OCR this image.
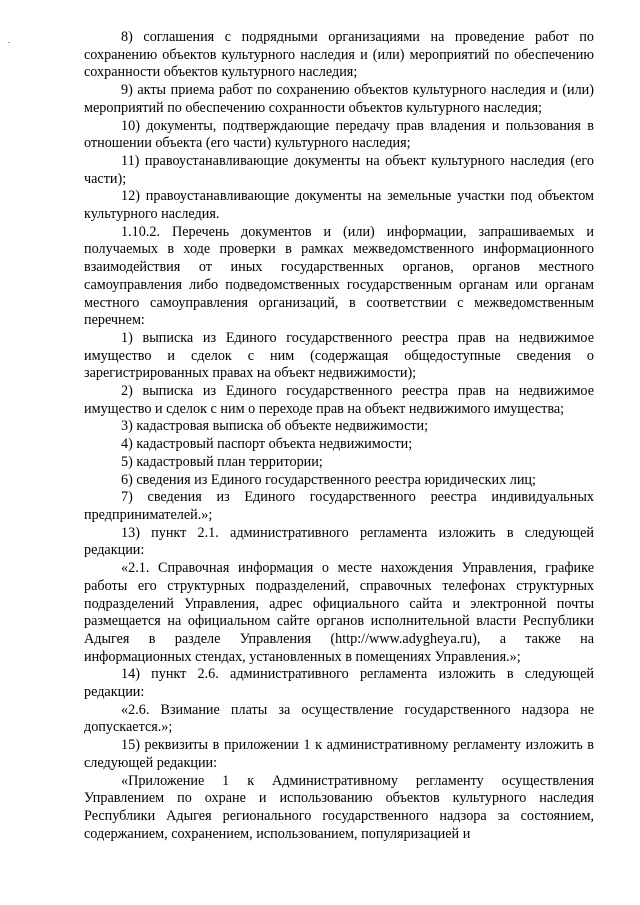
8) соглашения с подрядными организациями на проведение работ по сохранению объектов культурного наследия и (или) мероприятий по обеспечению сохранности объектов культурного наследия;

9) акты приема работ по сохранению объектов культурного наследия и (или) мероприятий по обеспечению сохранности объектов культурного наследия;

10) документы, подтверждающие передачу прав владения и пользования в отношении объекта (его части) культурного наследия;

11) правоустанавливающие документы на объект культурного наследия (его части);

12) правоустанавливающие документы на земельные участки под объектом культурного наследия.

1.10.2. Перечень документов и (или) информации, запрашиваемых и получаемых в ходе проверки в рамках межведомственного информационного взаимодействия от иных государственных органов, органов местного самоуправления либо подведомственных государственным органам или органам местного самоуправления организаций, в соответствии с межведомственным перечнем:

1) выписка из Единого государственного реестра прав на недвижимое имущество и сделок с ним (содержащая общедоступные сведения о зарегистрированных правах на объект недвижимости);

2) выписка из Единого государственного реестра прав на недвижимое имущество и сделок с ним о переходе прав на объект недвижимого имущества;

3) кадастровая выписка об объекте недвижимости;

4) кадастровый паспорт объекта недвижимости;

5) кадастровый план территории;

6) сведения из Единого государственного реестра юридических лиц;

7) сведения из Единого государственного реестра индивидуальных предпринимателей.»;

13) пункт 2.1. административного регламента изложить в следующей редакции:

«2.1. Справочная информация о месте нахождения Управления, графике работы его структурных подразделений, справочных телефонах структурных подразделений Управления, адрес официального сайта и электронной почты размещается на официальном сайте органов исполнительной власти Республики Адыгея в разделе Управления (http://www.adygheya.ru), а также на информационных стендах, установленных в помещениях Управления.»;

14) пункт 2.6. административного регламента изложить в следующей редакции:

«2.6. Взимание платы за осуществление государственного надзора не допускается.»;

15) реквизиты в приложении 1 к административному регламенту изложить в следующей редакции:

«Приложение 1 к Административному регламенту осуществления Управлением по охране и использованию объектов культурного наследия Республики Адыгея регионального государственного надзора за состоянием, содержанием, сохранением, использованием, популяризацией и
